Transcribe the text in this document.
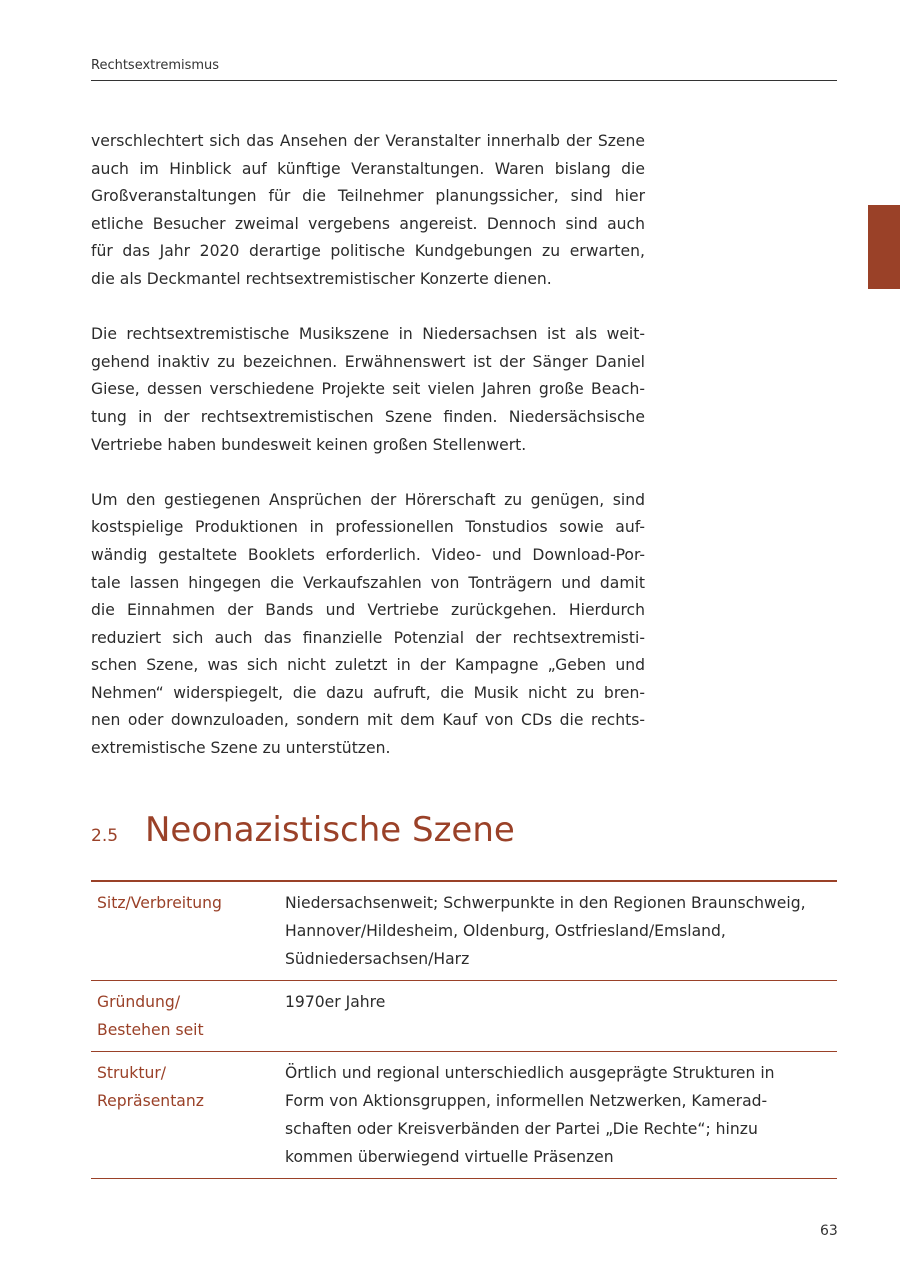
Rechtsextremismus

verschlechtert sich das Ansehen der Veranstalter innerhalb der Szene
auch im Hinblick auf künftige Veranstaltungen. Waren bislang die
Großveranstaltungen für die Teilnehmer planungssicher, sind hier
etliche Besucher zweimal vergebens angereist. Dennoch sind auch
für das Jahr 2020 derartige politische Kundgebungen zu erwarten,
die als Deckmantel rechtsextremistischer Konzerte dienen.

Die rechtsextremistische Musikszene in Niedersachsen ist als weit-
gehend inaktiv zu bezeichnen. Erwähnenswert ist der Sänger Daniel
Giese, dessen verschiedene Projekte seit vielen Jahren große Beach-
tung in der rechtsextremistischen Szene finden. Niedersächsische
Vertriebe haben bundesweit keinen großen Stellenwert.

Um den gestiegenen Ansprüchen der Hörerschaft zu genügen, sind
kostspielige Produktionen in professionellen Tonstudios sowie auf-
wändig gestaltete Booklets erforderlich. Video- und Download-Por-
tale lassen hingegen die Verkaufszahlen von Tonträgern und damit
die Einnahmen der Bands und Vertriebe zurückgehen. Hierdurch
reduziert sich auch das finanzielle Potenzial der rechtsextremisti-
schen Szene, was sich nicht zuletzt in der Kampagne „Geben und
Nehmen“ widerspiegelt, die dazu aufruft, die Musik nicht zu bren-
nen oder downzuloaden, sondern mit dem Kauf von CDs die rechts-
extremistische Szene zu unterstützen.

2.5 Neonazistische Szene
Sitz/Verbreitung	Niedersachsenweit; Schwerpunkte in den Regionen Braunschweig,
Hannover/Hildesheim, Oldenburg, Ostfriesland/Emsland,
Südniedersachsen/Harz
Gründung/
Bestehen seit
1970er Jahre
Struktur/
Repräsentanz
Örtlich und regional unterschiedlich ausgeprägte Strukturen in
Form von Aktionsgruppen, informellen Netzwerken, Kamerad-
schaften oder Kreisverbänden der Partei „Die Rechte“; hinzu
kommen überwiegend virtuelle Präsenzen
63
